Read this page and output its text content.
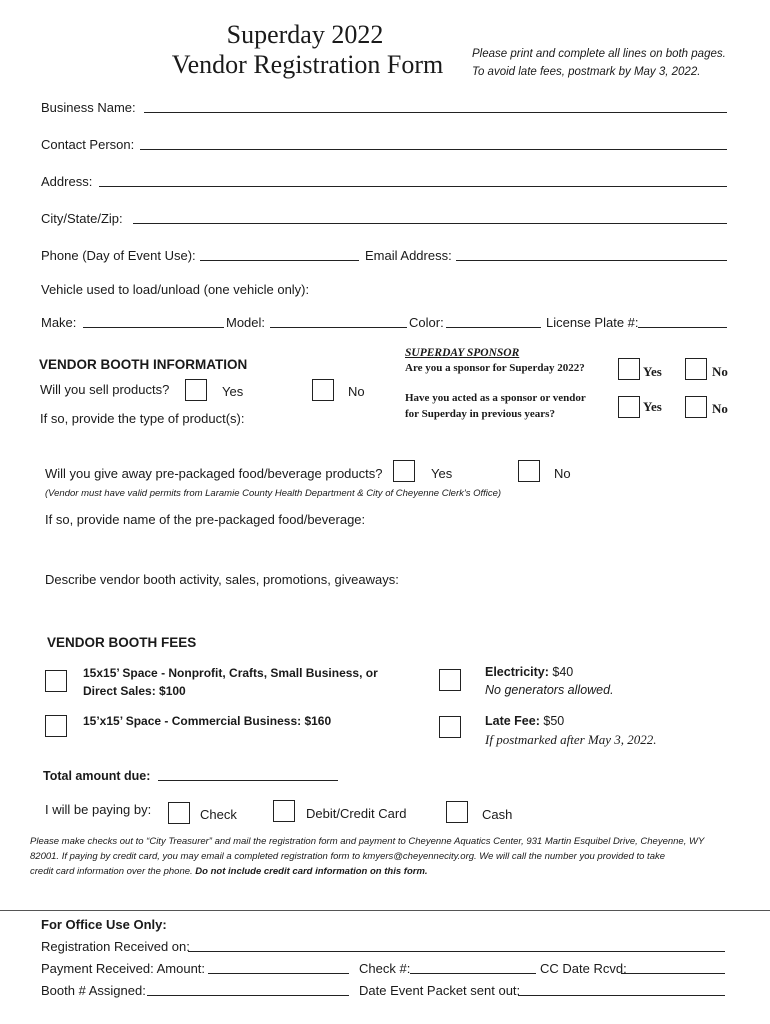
Superday 2022
Vendor Registration Form	Please print and complete all lines on both pages.
To avoid late fees, postmark by May 3, 2022.
Business Name:
Contact Person:
Address:
City/State/Zip:
Phone (Day of Event Use):	Email Address:
Vehicle used to load/unload (one vehicle only):
Make:	Model:	Color:	License Plate #:
VENDOR BOOTH INFORMATION
Will you sell products?	Yes	No
If so, provide the type of product(s):
SUPERDAY SPONSOR
Are you a sponsor for Superday 2022?	Yes	No
Have you acted as a sponsor or vendor
for Superday in previous years?	Yes	No
Will you give away pre-packaged food/beverage products?	Yes	No
(Vendor must have valid permits from Laramie County Health Department & City of Cheyenne Clerk's Office)
If so, provide name of the pre-packaged food/beverage:
Describe vendor booth activity, sales, promotions, giveaways:
VENDOR BOOTH FEES
15x15’ Space - Nonprofit, Crafts, Small Business, or
Direct Sales: $100
15’x15’ Space - Commercial Business: $160
Electricity: $40
No generators allowed.
Late Fee: $50
If postmarked after May 3, 2022.
Total amount due:
I will be paying by:	Check	Debit/Credit Card	Cash
Please make checks out to “City Treasurer” and mail the registration form and payment to Cheyenne Aquatics Center, 931 Martin Esquibel Drive, Cheyenne, WY
82001. If paying by credit card, you may email a completed registration form to kmyers@cheyennecity.org. We will call the number you provided to take
credit card information over the phone. Do not include credit card information on this form.
For Office Use Only:
Registration Received on:
Payment Received: Amount:	Check #:	CC Date Rcvd:
Booth # Assigned:	Date Event Packet sent out:
